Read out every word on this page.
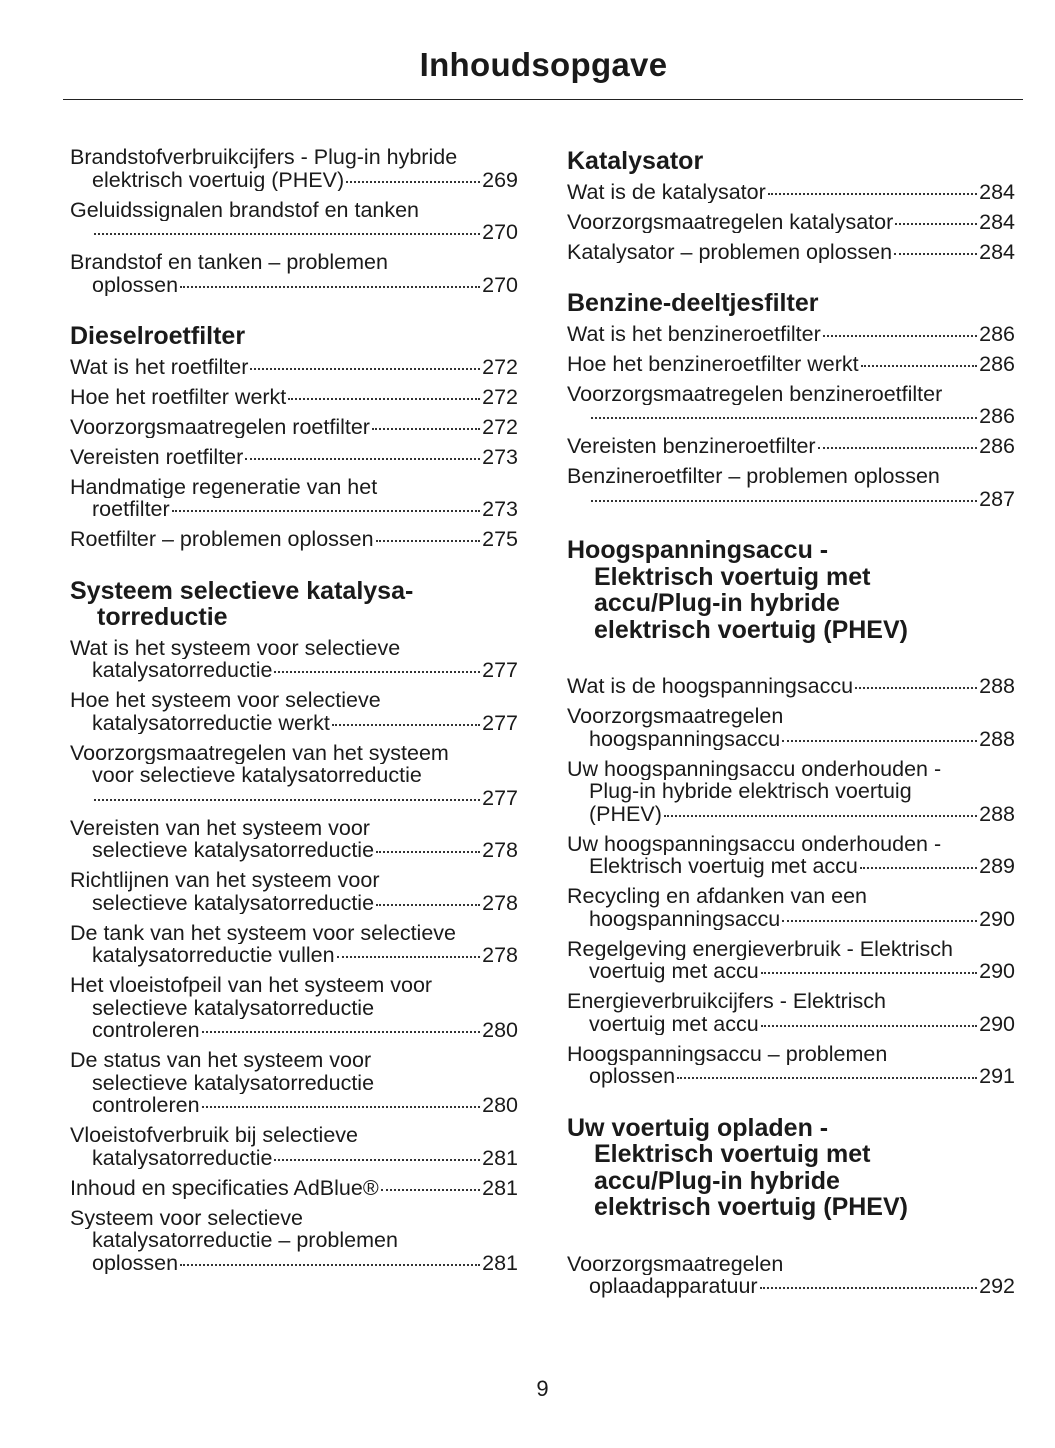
Inhoudsopgave
Brandstofverbruikcijfers - Plug-in hybride
elektrisch voertuig (PHEV)	269
Geluidssignalen brandstof en tanken
270
Brandstof en tanken – problemen
oplossen	270
Dieselroetfilter
Wat is het roetfilter	272
Hoe het roetfilter werkt	272
Voorzorgsmaatregelen roetfilter	272
Vereisten roetfilter	273
Handmatige regeneratie van het
roetfilter	273
Roetfilter – problemen oplossen	275
Systeem selectieve katalysa-
torreductie
Wat is het systeem voor selectieve
katalysatorreductie	277
Hoe het systeem voor selectieve
katalysatorreductie werkt	277
Voorzorgsmaatregelen van het systeem
voor selectieve katalysatorreductie
277
Vereisten van het systeem voor
selectieve katalysatorreductie	278
Richtlijnen van het systeem voor
selectieve katalysatorreductie	278
De tank van het systeem voor selectieve
katalysatorreductie vullen	278
Het vloeistofpeil van het systeem voor
selectieve katalysatorreductie
controleren	280
De status van het systeem voor
selectieve katalysatorreductie
controleren	280
Vloeistofverbruik bij selectieve
katalysatorreductie	281
Inhoud en specificaties AdBlue®	281
Systeem voor selectieve
katalysatorreductie – problemen
oplossen	281
Katalysator
Wat is de katalysator	284
Voorzorgsmaatregelen katalysator	284
Katalysator – problemen oplossen	284
Benzine-deeltjesfilter
Wat is het benzineroetfilter	286
Hoe het benzineroetfilter werkt	286
Voorzorgsmaatregelen benzineroetfilter
286
Vereisten benzineroetfilter	286
Benzineroetfilter – problemen oplossen
287
Hoogspanningsaccu -
Elektrisch voertuig met
accu/Plug-in hybride
elektrisch voertuig (PHEV)
Wat is de hoogspanningsaccu	288
Voorzorgsmaatregelen
hoogspanningsaccu	288
Uw hoogspanningsaccu onderhouden -
Plug-in hybride elektrisch voertuig
(PHEV)	288
Uw hoogspanningsaccu onderhouden -
Elektrisch voertuig met accu	289
Recycling en afdanken van een
hoogspanningsaccu	290
Regelgeving energieverbruik - Elektrisch
voertuig met accu	290
Energieverbruikcijfers - Elektrisch
voertuig met accu	290
Hoogspanningsaccu – problemen
oplossen	291
Uw voertuig opladen -
Elektrisch voertuig met
accu/Plug-in hybride
elektrisch voertuig (PHEV)
Voorzorgsmaatregelen
oplaadapparatuur	292
9
